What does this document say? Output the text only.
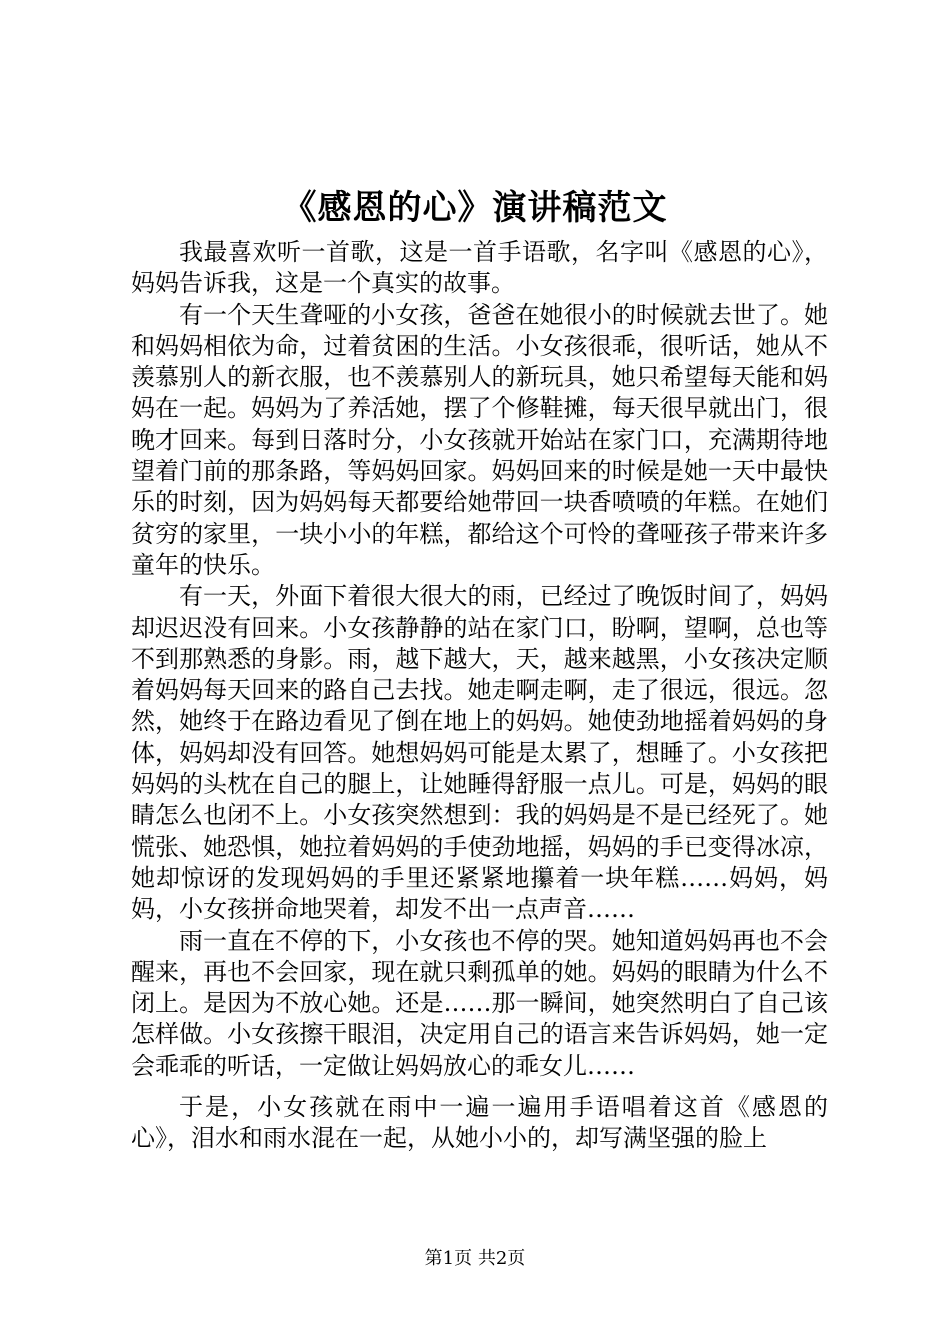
《感恩的心》演讲稿范文

我最喜欢听一首歌，这是一首手语歌，名字叫《感恩的心》，妈妈告诉我，这是一个真实的故事。

有一个天生聋哑的小女孩，爸爸在她很小的时候就去世了。她和妈妈相依为命，过着贫困的生活。小女孩很乖，很听话，她从不羡慕别人的新衣服，也不羡慕别人的新玩具，她只希望每天能和妈妈在一起。妈妈为了养活她，摆了个修鞋摊，每天很早就出门，很晚才回来。每到日落时分，小女孩就开始站在家门口，充满期待地望着门前的那条路，等妈妈回家。妈妈回来的时候是她一天中最快乐的时刻，因为妈妈每天都要给她带回一块香喷喷的年糕。在她们贫穷的家里，一块小小的年糕，都给这个可怜的聋哑孩子带来许多童年的快乐。

有一天，外面下着很大很大的雨，已经过了晚饭时间了，妈妈却迟迟没有回来。小女孩静静的站在家门口，盼啊，望啊，总也等不到那熟悉的身影。雨，越下越大，天，越来越黑，小女孩决定顺着妈妈每天回来的路自己去找。她走啊走啊，走了很远，很远。忽然，她终于在路边看见了倒在地上的妈妈。她使劲地摇着妈妈的身体，妈妈却没有回答。她想妈妈可能是太累了，想睡了。小女孩把妈妈的头枕在自己的腿上，让她睡得舒服一点儿。可是，妈妈的眼睛怎么也闭不上。小女孩突然想到：我的妈妈是不是已经死了。她慌张、她恐惧，她拉着妈妈的手使劲地摇，妈妈的手已变得冰凉，她却惊讶的发现妈妈的手里还紧紧地攥着一块年糕……妈妈，妈妈，小女孩拼命地哭着，却发不出一点声音……

雨一直在不停的下，小女孩也不停的哭。她知道妈妈再也不会醒来，再也不会回家，现在就只剩孤单的她。妈妈的眼睛为什么不闭上。是因为不放心她。还是……那一瞬间，她突然明白了自己该怎样做。小女孩擦干眼泪，决定用自己的语言来告诉妈妈，她一定会乖乖的听话，一定做让妈妈放心的乖女儿……

于是，小女孩就在雨中一遍一遍用手语唱着这首《感恩的心》，泪水和雨水混在一起，从她小小的，却写满坚强的脸上

第1页 共2页
